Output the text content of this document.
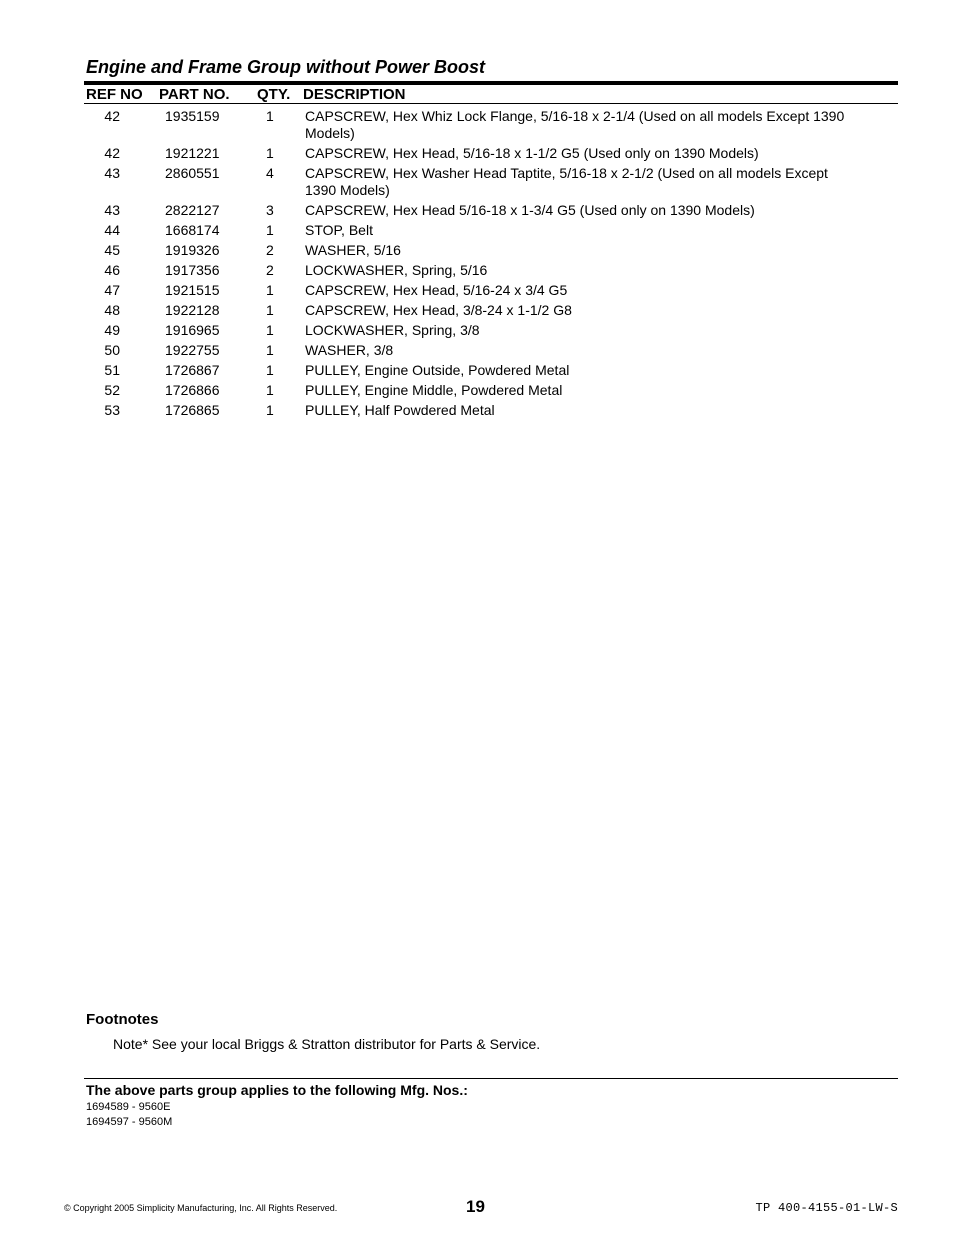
Engine and Frame Group without Power Boost
REF NO PART NO. QTY. DESCRIPTION
42	1935159	1 CAPSCREW, Hex Whiz Lock Flange, 5/16-18 x 2-1/4 (Used on all models Except 1390 Models)
42	1921221	1 CAPSCREW, Hex Head, 5/16-18 x 1-1/2 G5 (Used only on 1390 Models)
43	2860551	4 CAPSCREW, Hex Washer Head Taptite, 5/16-18 x 2-1/2 (Used on all models Except 1390 Models)
43	2822127	3 CAPSCREW, Hex Head 5/16-18 x 1-3/4 G5 (Used only on 1390 Models)
44	1668174	1 STOP, Belt
45	1919326	2 WASHER, 5/16
46	1917356	2 LOCKWASHER, Spring, 5/16
47	1921515	1 CAPSCREW, Hex Head, 5/16-24 x 3/4 G5
48	1922128	1 CAPSCREW, Hex Head, 3/8-24 x 1-1/2 G8
49	1916965	1 LOCKWASHER, Spring, 3/8
50	1922755	1 WASHER, 3/8
51	1726867	1 PULLEY, Engine Outside, Powdered Metal
52	1726866	1 PULLEY, Engine Middle, Powdered Metal
53	1726865	1 PULLEY, Half Powdered Metal
Footnotes
Note* See your local Briggs & Stratton distributor for Parts & Service.
The above parts group applies to the following Mfg. Nos.:
1694589 - 9560E
1694597 - 9560M
© Copyright 2005 Simplicity Manufacturing, Inc. All Rights Reserved.	19	TP 400-4155-01-LW-S
